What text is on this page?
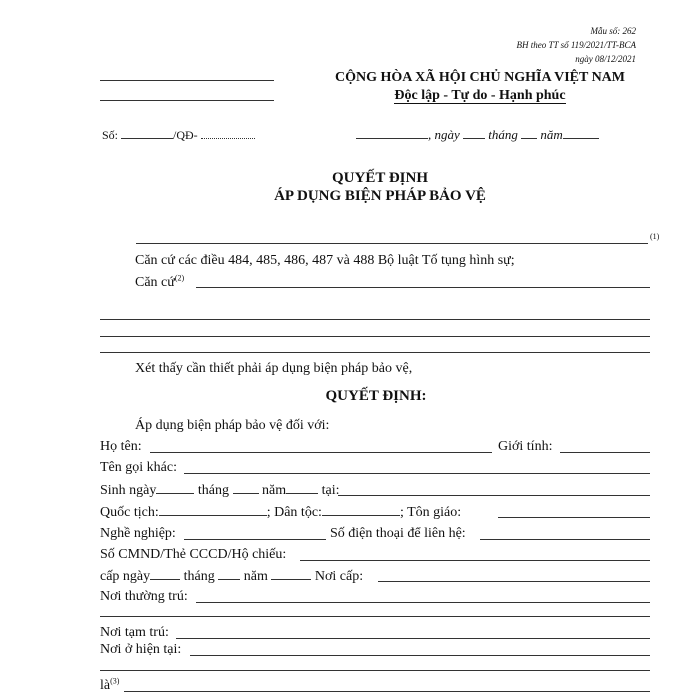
Mẫu số: 262
BH theo TT số 119/2021/TT-BCA
ngày 08/12/2021
CỘNG HÒA XÃ HỘI CHỦ NGHĨA VIỆT NAM
Độc lập - Tự do - Hạnh phúc
Số:	/QĐ-	, ngày tháng năm
QUYẾT ĐỊNH
ÁP DỤNG BIỆN PHÁP BẢO VỆ
(1)
Căn cứ các điều 484, 485, 486, 487 và 488 Bộ luật Tố tụng hình sự;
Căn cứ$^{(2)}$
Xét thấy cần thiết phải áp dụng biện pháp bảo vệ,
QUYẾT ĐỊNH:
Áp dụng biện pháp bảo vệ đối với:
Họ tên:	Giới tính:
Tên gọi khác:
Sinh ngày	tháng năm	tại:
Quốc tịch:	; Dân tộc:	; Tôn giáo:
Nghề nghiệp:	Số điện thoại để liên hệ:
Số CMND/Thẻ CCCD/Hộ chiếu:
cấp ngày tháng năm	Nơi cấp:
Nơi thường trú:
Nơi tạm trú:
Nơi ở hiện tại:
$là^{(3)}$
